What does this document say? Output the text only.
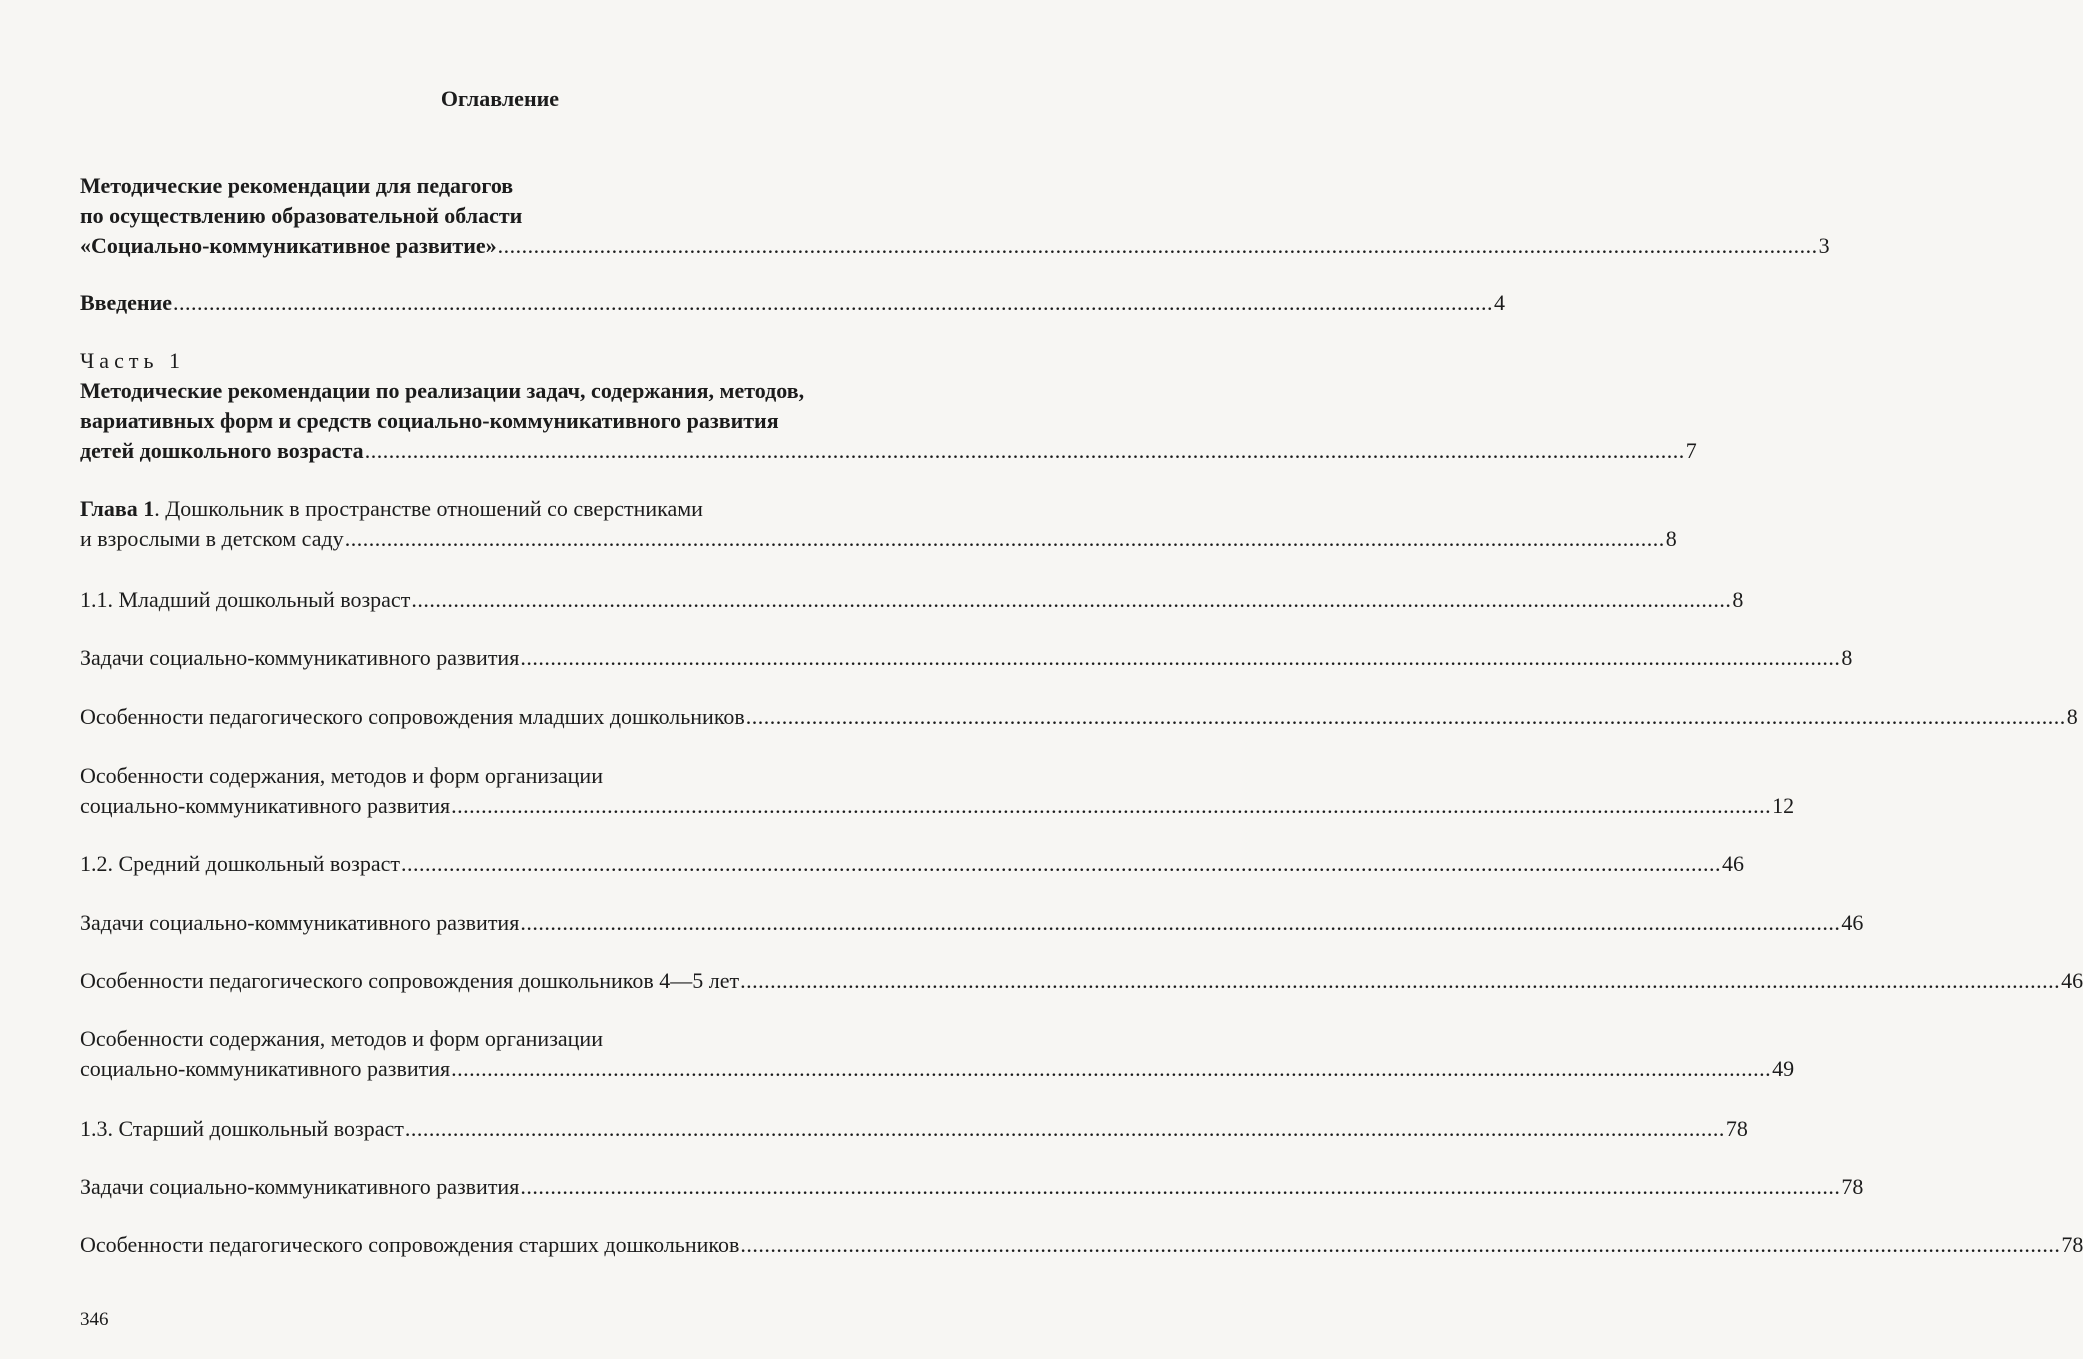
Оглавление
Методические рекомендации для педагогов
по осуществлению образовательной области
«Социально-коммуникативное развитие» ............................................................................................................................................................................................................................ 3
Введение ............................................................................................................................................................................................................................ 4
Часть 1
Методические рекомендации по реализации задач, содержания, методов,
вариативных форм и средств социально-коммуникативного развития
детей дошкольного возраста ............................................................................................................................................................................................................................ 7
Глава 1. Дошкольник в пространстве отношений со сверстниками
и взрослыми в детском саду ............................................................................................................................................................................................................................ 8
1.1. Младший дошкольный возраст ............................................................................................................................................................................................................................ 8
Задачи социально-коммуникативного развития ............................................................................................................................................................................................................................ 8
Особенности педагогического сопровождения младших дошкольников ............................................................................................................................................................................................................................ 8
Особенности содержания, методов и форм организации
социально-коммуникативного развития ............................................................................................................................................................................................................................ 12
1.2. Средний дошкольный возраст ............................................................................................................................................................................................................................ 46
Задачи социально-коммуникативного развития ............................................................................................................................................................................................................................ 46
Особенности педагогического сопровождения дошкольников 4—5 лет ............................................................................................................................................................................................................................ 46
Особенности содержания, методов и форм организации
социально-коммуникативного развития ............................................................................................................................................................................................................................ 49
1.3. Старший дошкольный возраст ............................................................................................................................................................................................................................ 78
Задачи социально-коммуникативного развития ............................................................................................................................................................................................................................ 78
Особенности педагогического сопровождения старших дошкольников ............................................................................................................................................................................................................................ 78
346
